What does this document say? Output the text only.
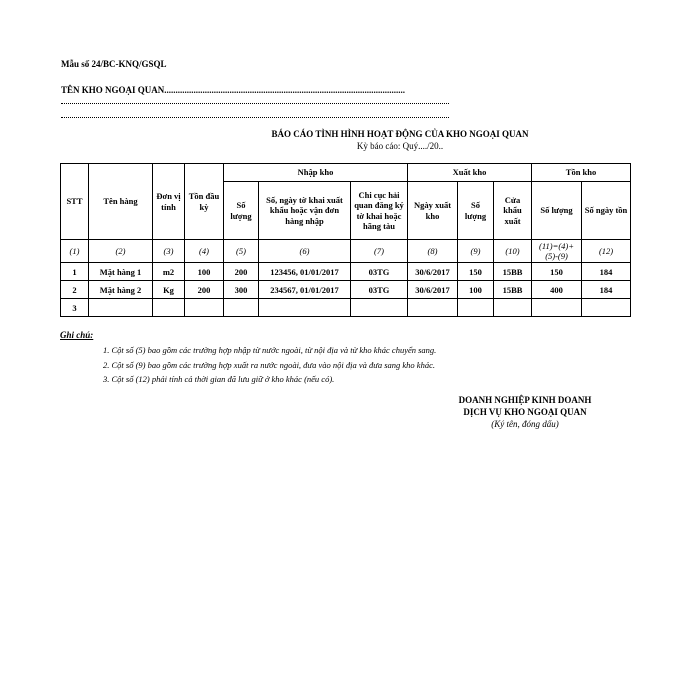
Mẫu số 24/BC-KNQ/GSQL
TÊN KHO NGOẠI QUAN...........................................................................................................
BÁO CÁO TÌNH HÌNH HOẠT ĐỘNG CỦA KHO NGOẠI QUAN
Kỳ báo cáo: Quý..../20..
STT	Tên hàng	Đơn vị tính	Tồn đầu kỳ	Nhập kho			Xuất kho			Tồn kho	
				Số lượng	Số, ngày tờ khai xuất khẩu hoặc vận đơn hàng nhập	Chi cục hải quan đăng ký tờ khai hoặc hãng tàu	Ngày xuất kho	Số lượng	Cửa khẩu xuất	Số lượng	Số ngày tồn
(1)	(2)	(3)	(4)	(5)	(6)	(7)	(8)	(9)	(10)	(11)=(4)+(5)-(9)	(12)
1	Mặt hàng 1	m2	100	200	123456, 01/01/2017	03TG	30/6/2017	150	15BB	150	184
2	Mặt hàng 2	Kg	200	300	234567, 01/01/2017	03TG	30/6/2017	100	15BB	400	184
3											
Ghi chú:
1. Cột số (5) bao gồm các trường hợp nhập từ nước ngoài, từ nội địa và từ kho khác chuyển sang.
2. Cột số (9) bao gồm các trường hợp xuất ra nước ngoài, đưa vào nội địa và đưa sang kho khác.
3. Cột số (12) phải tính cả thời gian đã lưu giữ ở kho khác (nếu có).
DOANH NGHIỆP KINH DOANH
DỊCH VỤ KHO NGOẠI QUAN
(Ký tên, đóng dấu)
